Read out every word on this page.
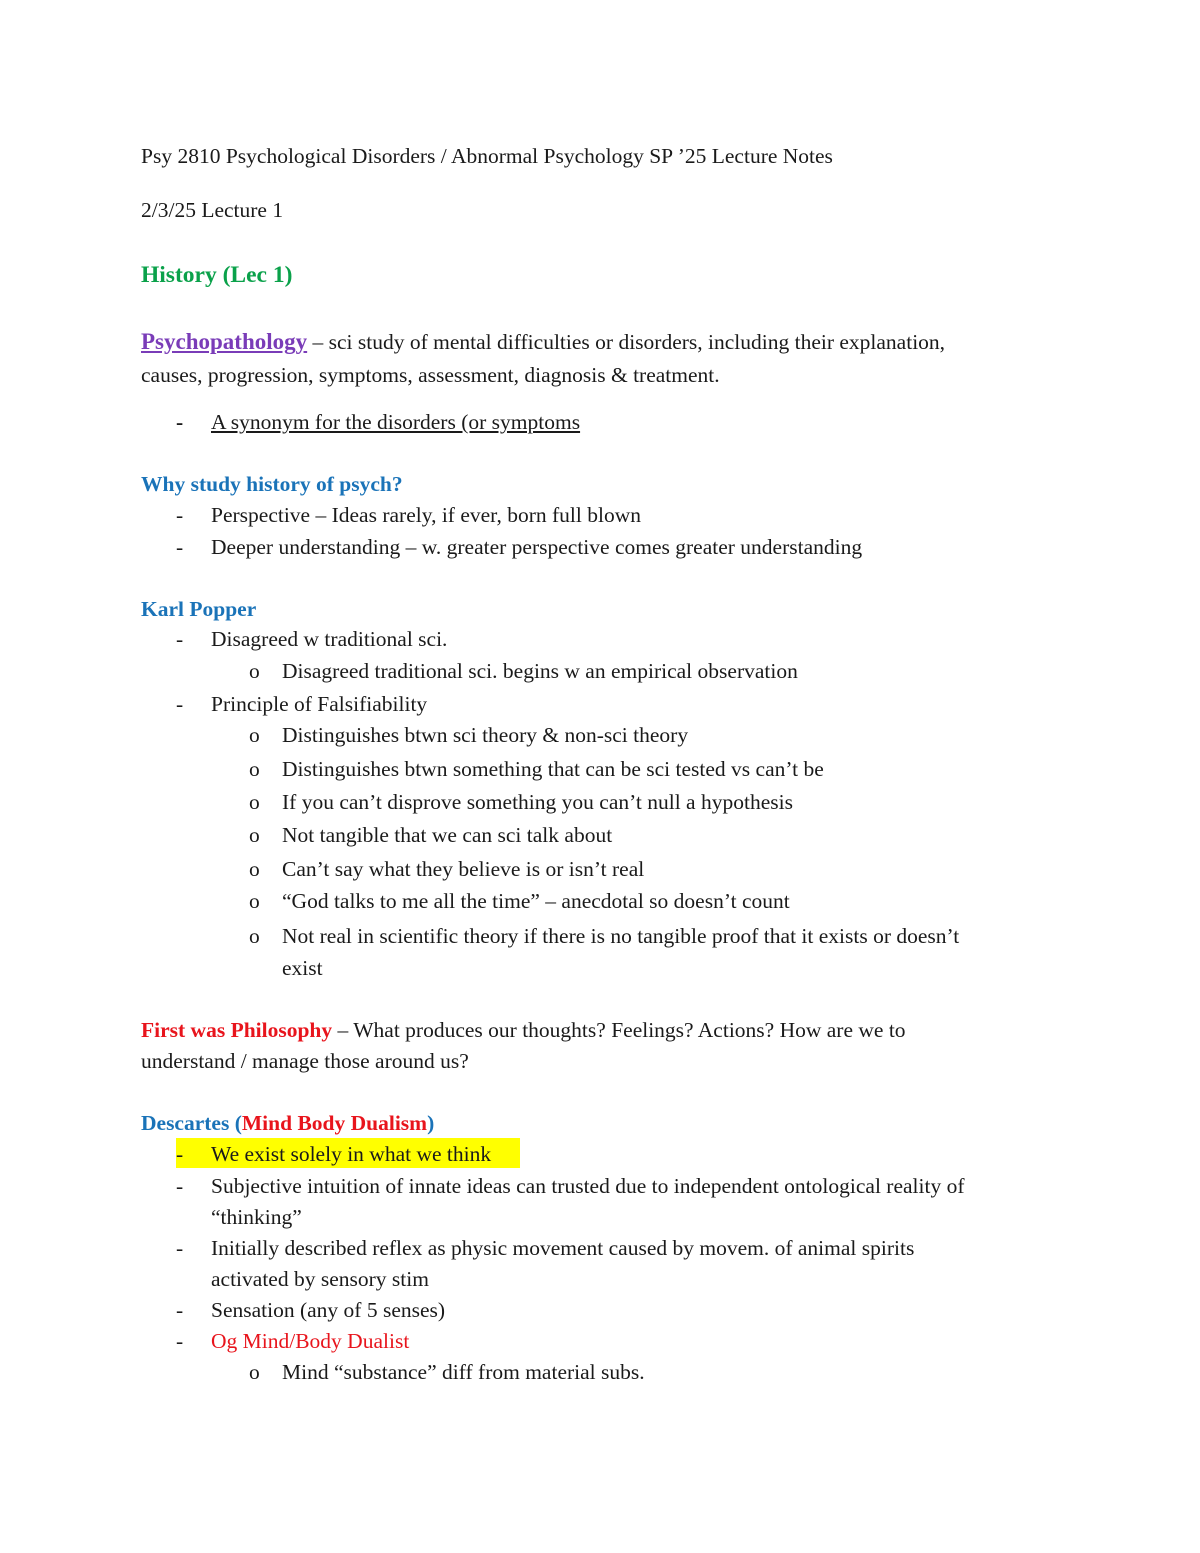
Psy 2810 Psychological Disorders / Abnormal Psychology SP ’25 Lecture Notes
2/3/25 Lecture 1
History (Lec 1)
Psychopathology – sci study of mental difficulties or disorders, including their explanation,
causes, progression, symptoms, assessment, diagnosis & treatment.
- A synonym for the disorders (or symptoms
Why study history of psych?
- Perspective – Ideas rarely, if ever, born full blown
- Deeper understanding – w. greater perspective comes greater understanding
Karl Popper
- Disagreed w traditional sci.
o Disagreed traditional sci. begins w an empirical observation
- Principle of Falsifiability
o Distinguishes btwn sci theory & non-sci theory
o Distinguishes btwn something that can be sci tested vs can’t be
o If you can’t disprove something you can’t null a hypothesis
o Not tangible that we can sci talk about
o Can’t say what they believe is or isn’t real
o “God talks to me all the time” – anecdotal so doesn’t count
o Not real in scientific theory if there is no tangible proof that it exists or doesn’t
exist
First was Philosophy – What produces our thoughts? Feelings? Actions? How are we to
understand / manage those around us?
Descartes (Mind Body Dualism)
- We exist solely in what we think
- Subjective intuition of innate ideas can trusted due to independent ontological reality of
“thinking”
- Initially described reflex as physic movement caused by movem. of animal spirits
activated by sensory stim
- Sensation (any of 5 senses)
- Og Mind/Body Dualist
o Mind “substance” diff from material subs.
